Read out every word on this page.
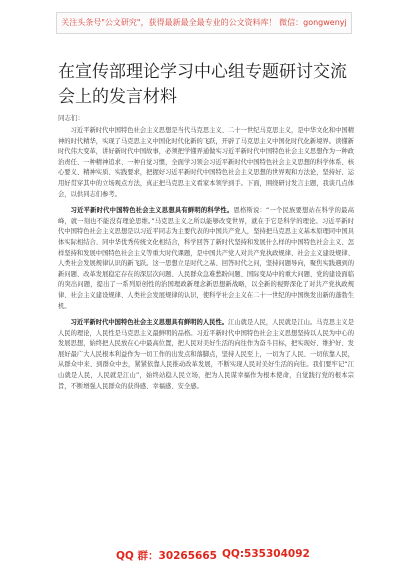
关注头条号"公文研究"，获得最新最全最专业的公文资料库！ 微信：gongwenyj
在宣传部理论学习中心组专题研讨交流会上的发言材料

同志们：

习近平新时代中国特色社会主义思想是当代马克思主义、二十一世纪马克思主义，是中华文化和中国精神的时代精华，实现了马克思主义中国化时代化新的飞跃，开辟了马克思主义中国化时代化新境界。读懂新时代伟大变革，讲好新时代中国故事，必须把学懂弄通做实习近平新时代中国特色社会主义思想作为一种政治责任、一种精神追求、一种自觉习惯，全面学习领会习近平新时代中国特色社会主义思想的科学体系、核心要义、精神实质、实践要求，把握好习近平新时代中国特色社会主义思想的世界观和方法论，坚持好、运用好贯穿其中的立场观点方法，真正把马克思主义看家本领学到手。下面，围绕研讨发言主题，我谈几点体会，以供同志们参考。

习近平新时代中国特色社会主义思想具有鲜明的科学性。恩格斯说：“一个民族要想站在科学的最高峰，就一刻也不能没有理论思维。”马克思主义之所以能够改变世界，就在于它是科学的理论。习近平新时代中国特色社会主义思想是以习近平同志为主要代表的中国共产党人，坚持把马克思主义基本原理同中国具体实际相结合、同中华优秀传统文化相结合，科学回答了新时代坚持和发展什么样的中国特色社会主义、怎样坚持和发展中国特色社会主义等重大时代课题，是中国共产党人对共产党执政规律、社会主义建设规律、人类社会发展规律认识的新飞跃。这一思想立足时代之基、回答时代之问，坚持问题导向，聚焦实践遇到的新问题、改革发展稳定存在的深层次问题、人民群众急难愁盼问题、国际变局中的重大问题、党的建设面临的突出问题，提出了一系列原创性的治国理政新理念新思想新战略，以全新的视野深化了对共产党执政规律、社会主义建设规律、人类社会发展规律的认识，使科学社会主义在二十一世纪的中国焕发出新的蓬勃生机。

习近平新时代中国特色社会主义思想具有鲜明的人民性。江山就是人民，人民就是江山。马克思主义是人民的理论，人民性是马克思主义最鲜明的品格。习近平新时代中国特色社会主义思想坚持以人民为中心的发展思想，始终把人民放在心中最高位置，把人民对美好生活的向往作为奋斗目标，把实现好、维护好、发展好最广大人民根本利益作为一切工作的出发点和落脚点，坚持人民至上，一切为了人民、一切依靠人民，从群众中来、到群众中去，紧紧依靠人民推动改革发展，不断实现人民对美好生活的向往。我们要牢记“江山就是人民，人民就是江山”，始终站稳人民立场，把为人民谋幸福作为根本使命，自觉践行党的根本宗旨，不断增强人民群众的获得感、幸福感、安全感。

QQ 群：30265665 QQ:535304092
